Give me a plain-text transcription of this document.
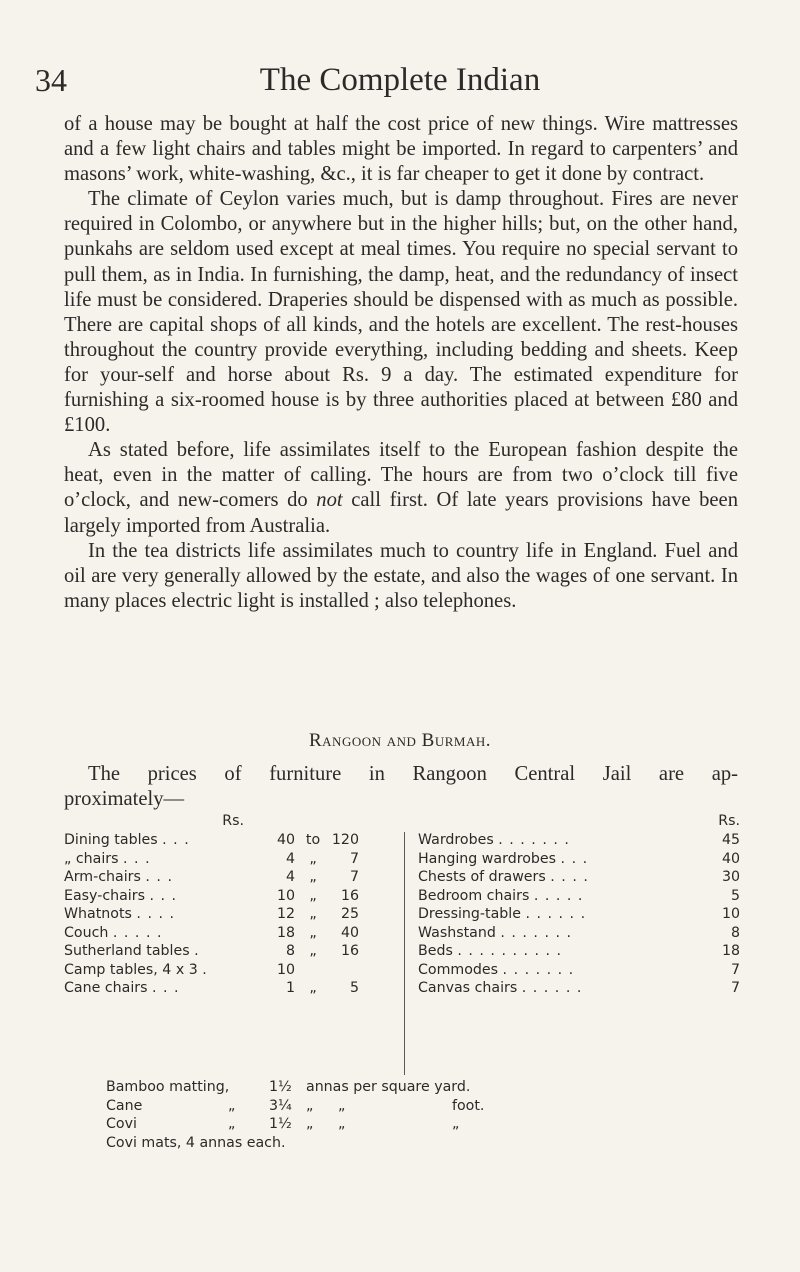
34	The Complete Indian

of a house may be bought at half the cost price of new things. Wire mattresses and a few light chairs and tables might be imported. In regard to carpenters’ and masons’ work, white-washing, &c., it is far cheaper to get it done by contract.

The climate of Ceylon varies much, but is damp throughout. Fires are never required in Colombo, or anywhere but in the higher hills; but, on the other hand, punkahs are seldom used except at meal times. You require no special servant to pull them, as in India. In furnishing, the damp, heat, and the redundancy of insect life must be considered. Draperies should be dispensed with as much as possible. There are capital shops of all kinds, and the hotels are excellent. The rest-houses throughout the country provide everything, including bedding and sheets. Keep for your-self and horse about Rs. 9 a day. The estimated expenditure for furnishing a six-roomed house is by three authorities placed at between £80 and £100.

As stated before, life assimilates itself to the European fashion despite the heat, even in the matter of calling. The hours are from two o’clock till five o’clock, and new-comers do not call first. Of late years provisions have been largely imported from Australia.

In the tea districts life assimilates much to country life in England. Fuel and oil are very generally allowed by the estate, and also the wages of one servant. In many places electric light is installed ; also telephones.

Rangoon and Burmah.
The prices of furniture in Rangoon Central Jail are ap-
proximately—
Rs.
Dining tables . . .	40 to 120
„ chairs . . .	4 „ 7
Arm-chairs . . .	4 „ 7
Easy-chairs . . .	10 „ 16
Whatnots . . . .	12 „ 25
Couch . . . . .	18 „ 40
Sutherland tables .	8 „ 16
Camp tables, 4 x 3 .	10
Cane chairs . . .	1 „ 5
Rs.
Wardrobes . . . . . . .	45
Hanging wardrobes . . .	40
Chests of drawers . . . .	30
Bedroom chairs . . . . .	5
Dressing-table . . . . . .	10
Washstand . . . . . . .	8
Beds . . . . . . . . . .	18
Commodes . . . . . . .	7
Canvas chairs . . . . . .	7
Bamboo matting,	1½ annas per square yard.
Cane	„ 3¼ „ „	foot.
Covi	„ 1½ „ „	„
Covi mats, 4 annas each.
